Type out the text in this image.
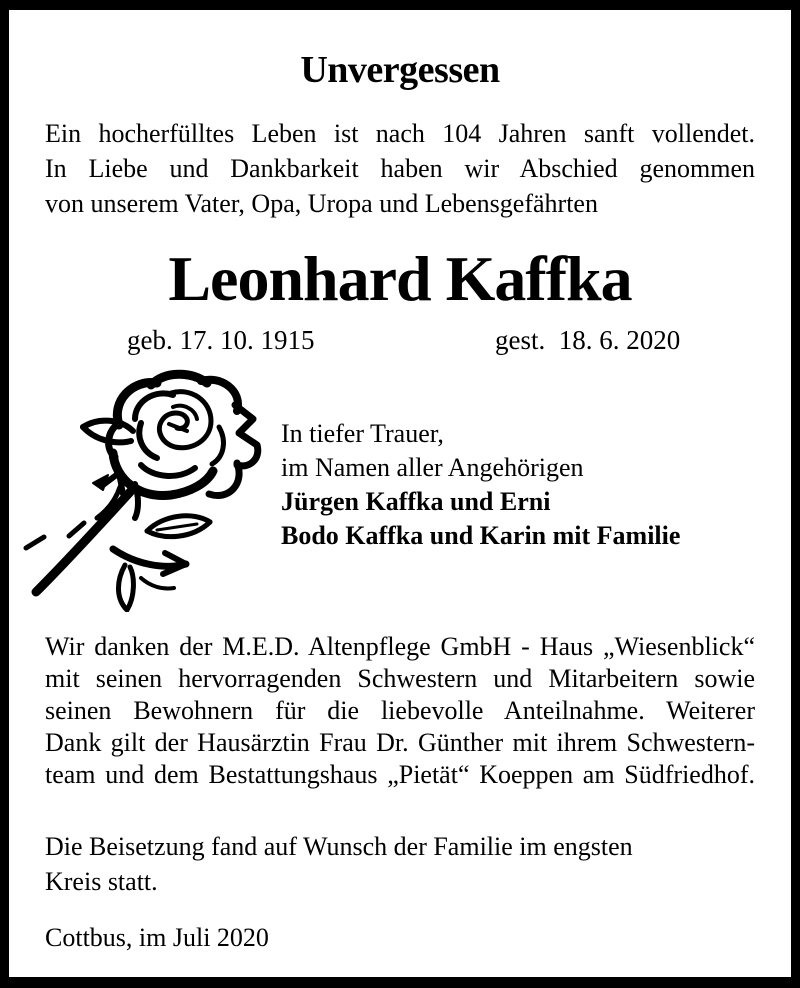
Unvergessen
Ein hocherfülltes Leben ist nach 104 Jahren sanft vollendet.
In Liebe und Dankbarkeit haben wir Abschied genommen
von unserem Vater, Opa, Uropa und Lebensgefährten
Leonhard Kaffka
geb. 17. 10. 1915	gest.  18. 6. 2020
In tiefer Trauer,
im Namen aller Angehörigen
Jürgen Kaffka und Erni
Bodo Kaffka und Karin mit Familie
Wir danken der M.E.D. Altenpflege GmbH - Haus „Wiesenblick“
mit seinen hervorragenden Schwestern und Mitarbeitern sowie
seinen Bewohnern für die liebevolle Anteilnahme. Weiterer
Dank gilt der Hausärztin Frau Dr. Günther mit ihrem Schwestern-
team und dem Bestattungshaus „Pietät“ Koeppen am Südfriedhof.
Die Beisetzung fand auf Wunsch der Familie im engsten
Kreis statt.
Cottbus, im Juli 2020
